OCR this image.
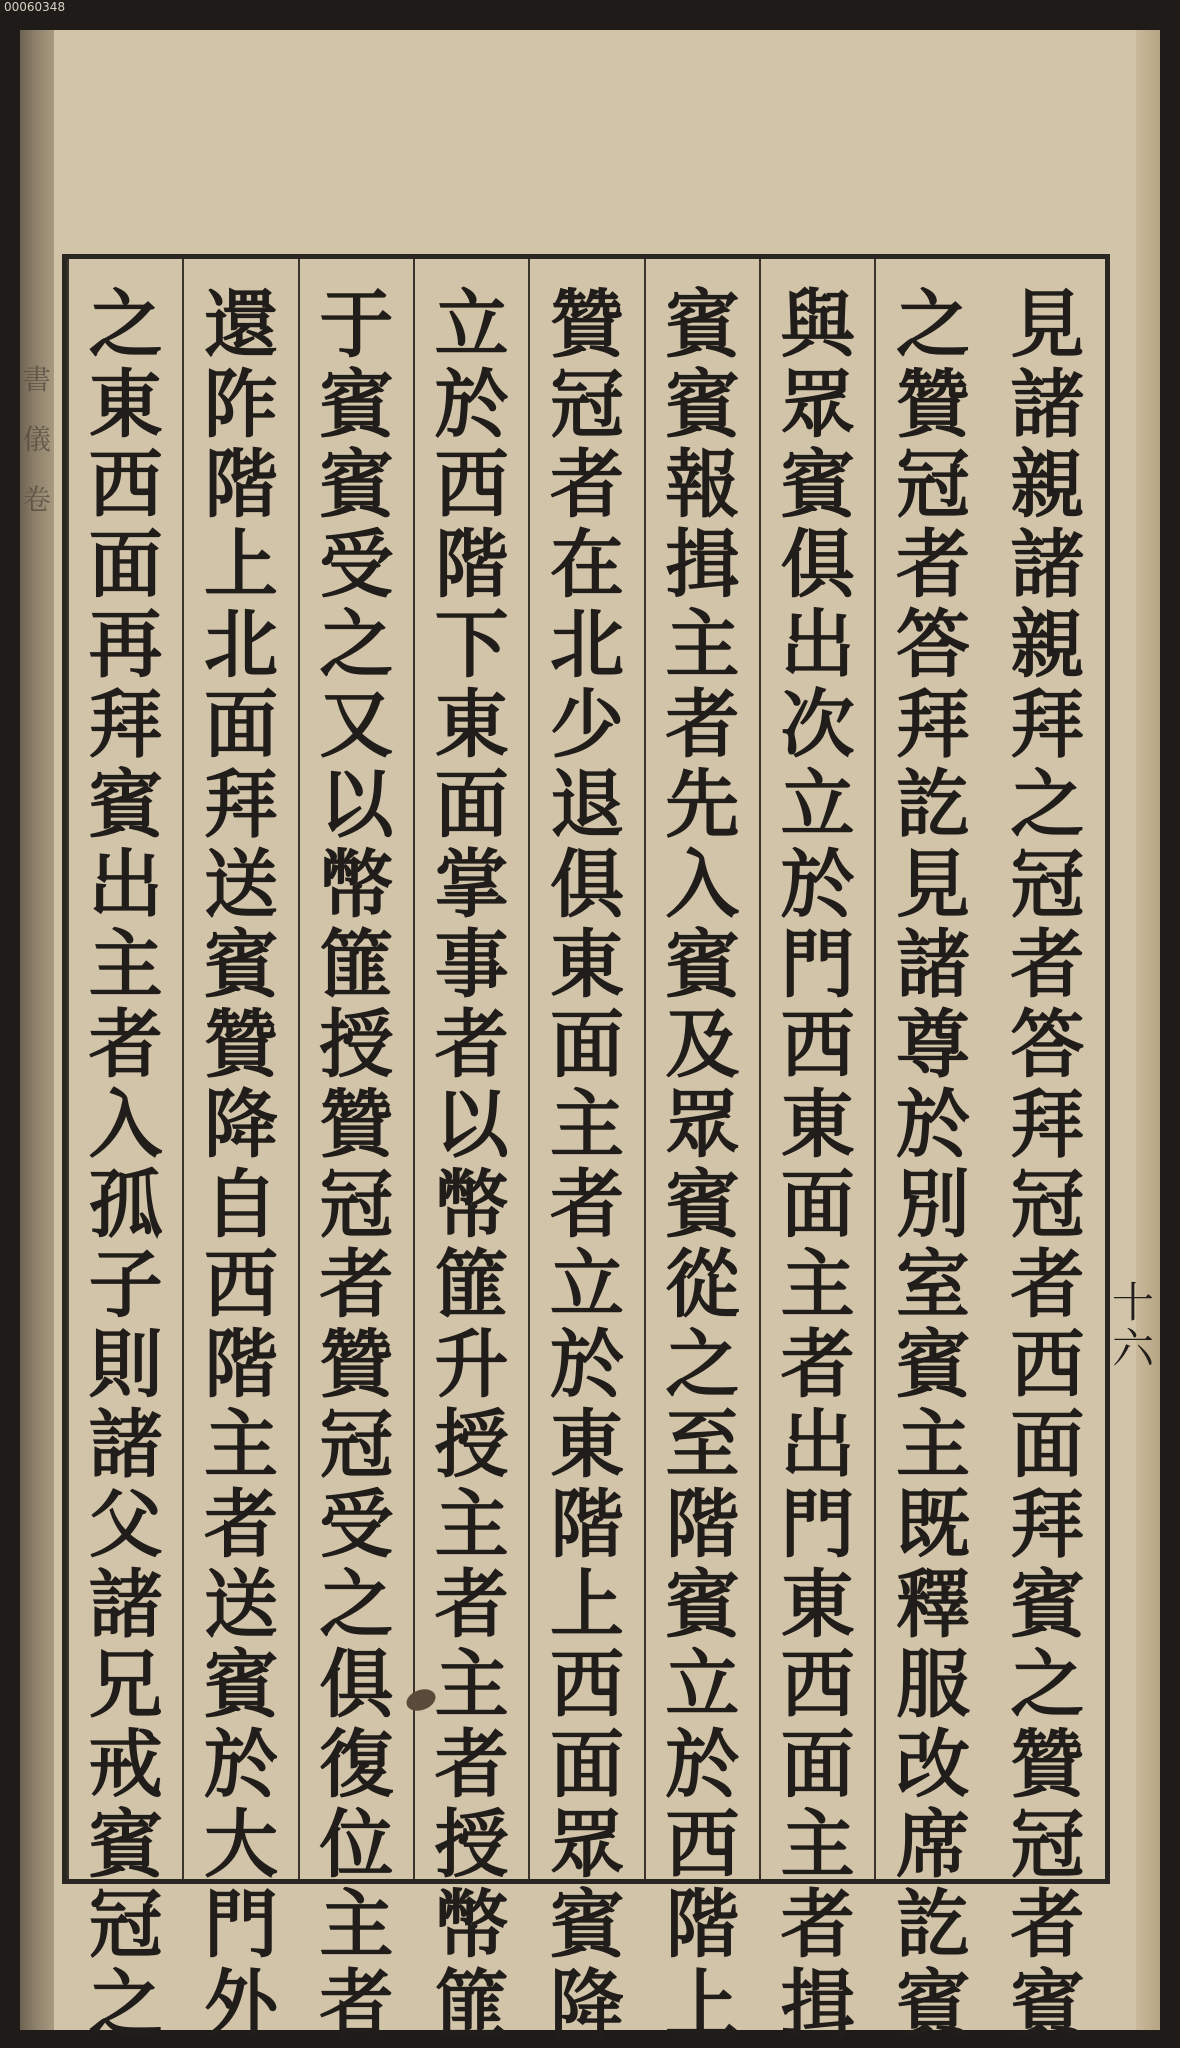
00060348
書儀卷
見
諸
親
諸
親
拜
之
冠
者
答
拜
冠
者
西
面
拜
賓
之
贊
冠
者
賓
之
贊
冠
者
答
拜
訖
見
諸
尊
於
別
室
賓
主
既
釋
服
改
席
訖
賓
與
眾
賓
俱
出
次
立
於
門
西
東
面
主
者
出
門
東
西
面
主
者
揖
賓
賓
報
揖
主
者
先
入
賓
及
眾
賓
從
之
至
階
賓
立
於
西
階
上
贊
冠
者
在
北
少
退
俱
東
面
主
者
立
於
東
階
上
西
面
眾
賓
降
立
於
西
階
下
東
面
掌
事
者
以
幣
篚
升
授
主
者
主
者
授
幣
篚
于
賓
賓
受
之
又
以
幣
篚
授
贊
冠
者
贊
冠
受
之
俱
復
位
主
者
還
阼
階
上
北
面
拜
送
賓
贊
降
自
西
階
主
者
送
賓
於
大
門
外
之
東
西
面
再
拜
賓
出
主
者
入
孤
子
則
諸
父
諸
兄
戒
賓
冠
之
十
六
